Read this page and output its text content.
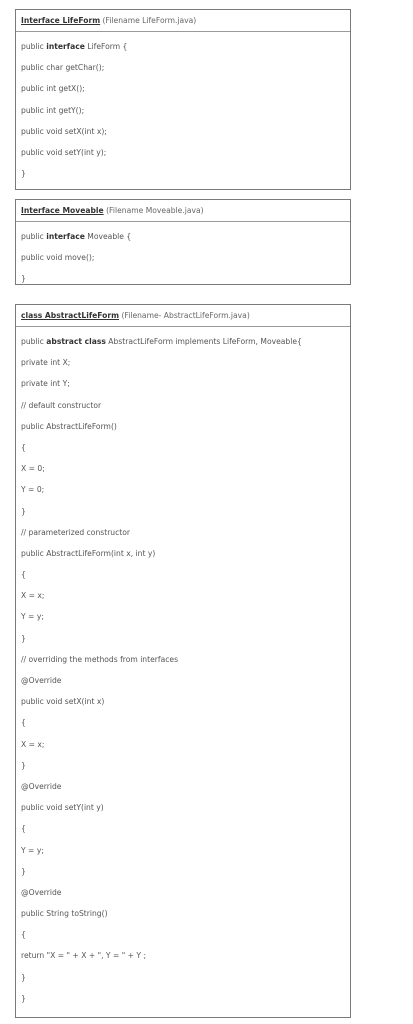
Interface LifeForm (Filename LifeForm.java)
public interface LifeForm {
public char getChar();
public int getX();
public int getY();
public void setX(int x);
public void setY(int y);
}
Interface Moveable (Filename Moveable.java)
public interface Moveable {
public void move();
}
class AbstractLifeForm (Filename- AbstractLifeForm.java)
public abstract class AbstractLifeForm implements LifeForm, Moveable{
private int X;
private int Y;
// default constructor
public AbstractLifeForm()
{
X = 0;
Y = 0;
}
// parameterized constructor
public AbstractLifeForm(int x, int y)
{
X = x;
Y = y;
}
// overriding the methods from interfaces
@Override
public void setX(int x)
{
X = x;
}
@Override
public void setY(int y)
{
Y = y;
}
@Override
public String toString()
{
return "X = " + X + ", Y = " + Y ;
}
}
